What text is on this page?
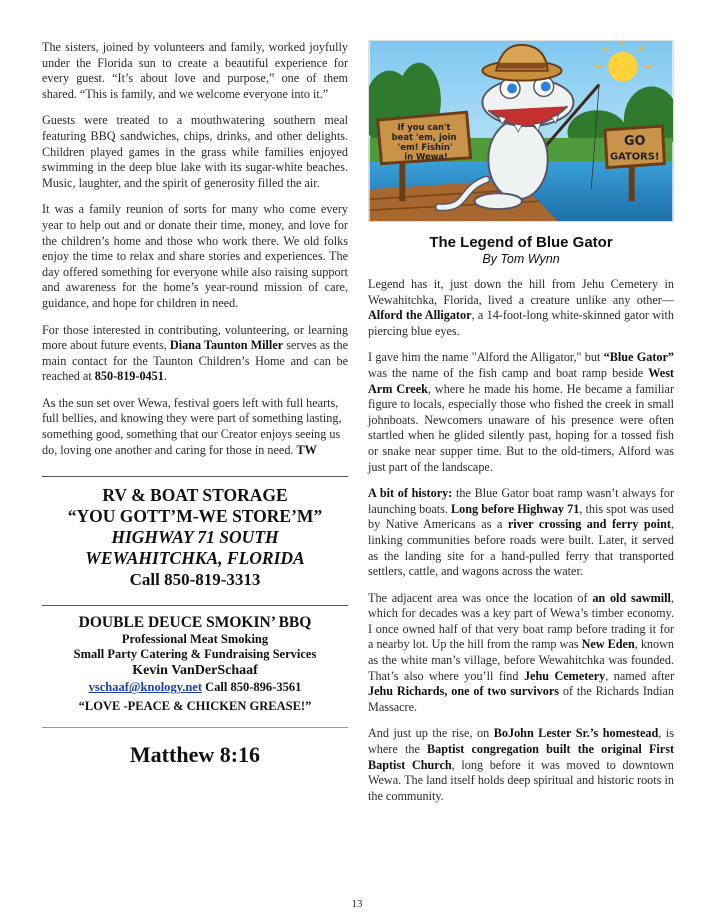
The sisters, joined by volunteers and family, worked joyfully under the Florida sun to create a beautiful experience for every guest. “It’s about love and purpose,” one of them shared. “This is family, and we welcome everyone into it.”

Guests were treated to a mouthwatering southern meal featuring BBQ sandwiches, chips, drinks, and other delights. Children played games in the grass while families enjoyed swimming in the deep blue lake with its sugar-white beaches. Music, laughter, and the spirit of generosity filled the air.

It was a family reunion of sorts for many who come every year to help out and or donate their time, money, and love for the children’s home and those who work there. We old folks enjoy the time to relax and share stories and experiences. The day offered something for everyone while also raising support and awareness for the home’s year-round mission of care, guidance, and hope for children in need.

For those interested in contributing, volunteering, or learning more about future events, Diana Taunton Miller serves as the main contact for the Taunton Children’s Home and can be reached at 850-819-0451.

As the sun set over Wewa, festival goers left with full hearts, full bellies, and knowing they were part of something lasting, something good, something that our Creator enjoys seeing us do, loving one another and caring for those in need. TW

RV & BOAT STORAGE
“YOU GOTT’M-WE STORE’M”
HIGHWAY 71 SOUTH
WEWAHITCHKA, FLORIDA
Call 850-819-3313
DOUBLE DEUCE SMOKIN’ BBQ
Professional Meat Smoking
Small Party Catering & Fundraising Services
Kevin VanDerSchaaf
vschaaf@knology.net Call 850-896-3561
“LOVE -PEACE & CHICKEN GREASE!”
Matthew 8:16
If you can't
beat 'em, join
'em! Fishin'
in Wewa!
GO
GATORS!
The Legend of Blue Gator
By Tom Wynn

Legend has it, just down the hill from Jehu Cemetery in Wewahitchka, Florida, lived a creature unlike any other—Alford the Alligator, a 14-foot-long white-skinned gator with piercing blue eyes.

I gave him the name "Alford the Alligator," but “Blue Gator” was the name of the fish camp and boat ramp beside West Arm Creek, where he made his home. He became a familiar figure to locals, especially those who fished the creek in small johnboats. Newcomers unaware of his presence were often startled when he glided silently past, hoping for a tossed fish or snake near supper time. But to the old-timers, Alford was just part of the landscape.

A bit of history: the Blue Gator boat ramp wasn’t always for launching boats. Long before Highway 71, this spot was used by Native Americans as a river crossing and ferry point, linking communities before roads were built. Later, it served as the landing site for a hand-pulled ferry that transported settlers, cattle, and wagons across the water.

The adjacent area was once the location of an old sawmill, which for decades was a key part of Wewa’s timber economy. I once owned half of that very boat ramp before trading it for a nearby lot. Up the hill from the ramp was New Eden, known as the white man’s village, before Wewahitchka was founded. That’s also where you’ll find Jehu Cemetery, named after Jehu Richards, one of two survivors of the Richards Indian Massacre.

And just up the rise, on BoJohn Lester Sr.’s homestead, is where the Baptist congregation built the original First Baptist Church, long before it was moved to downtown Wewa. The land itself holds deep spiritual and historic roots in the community.

13
